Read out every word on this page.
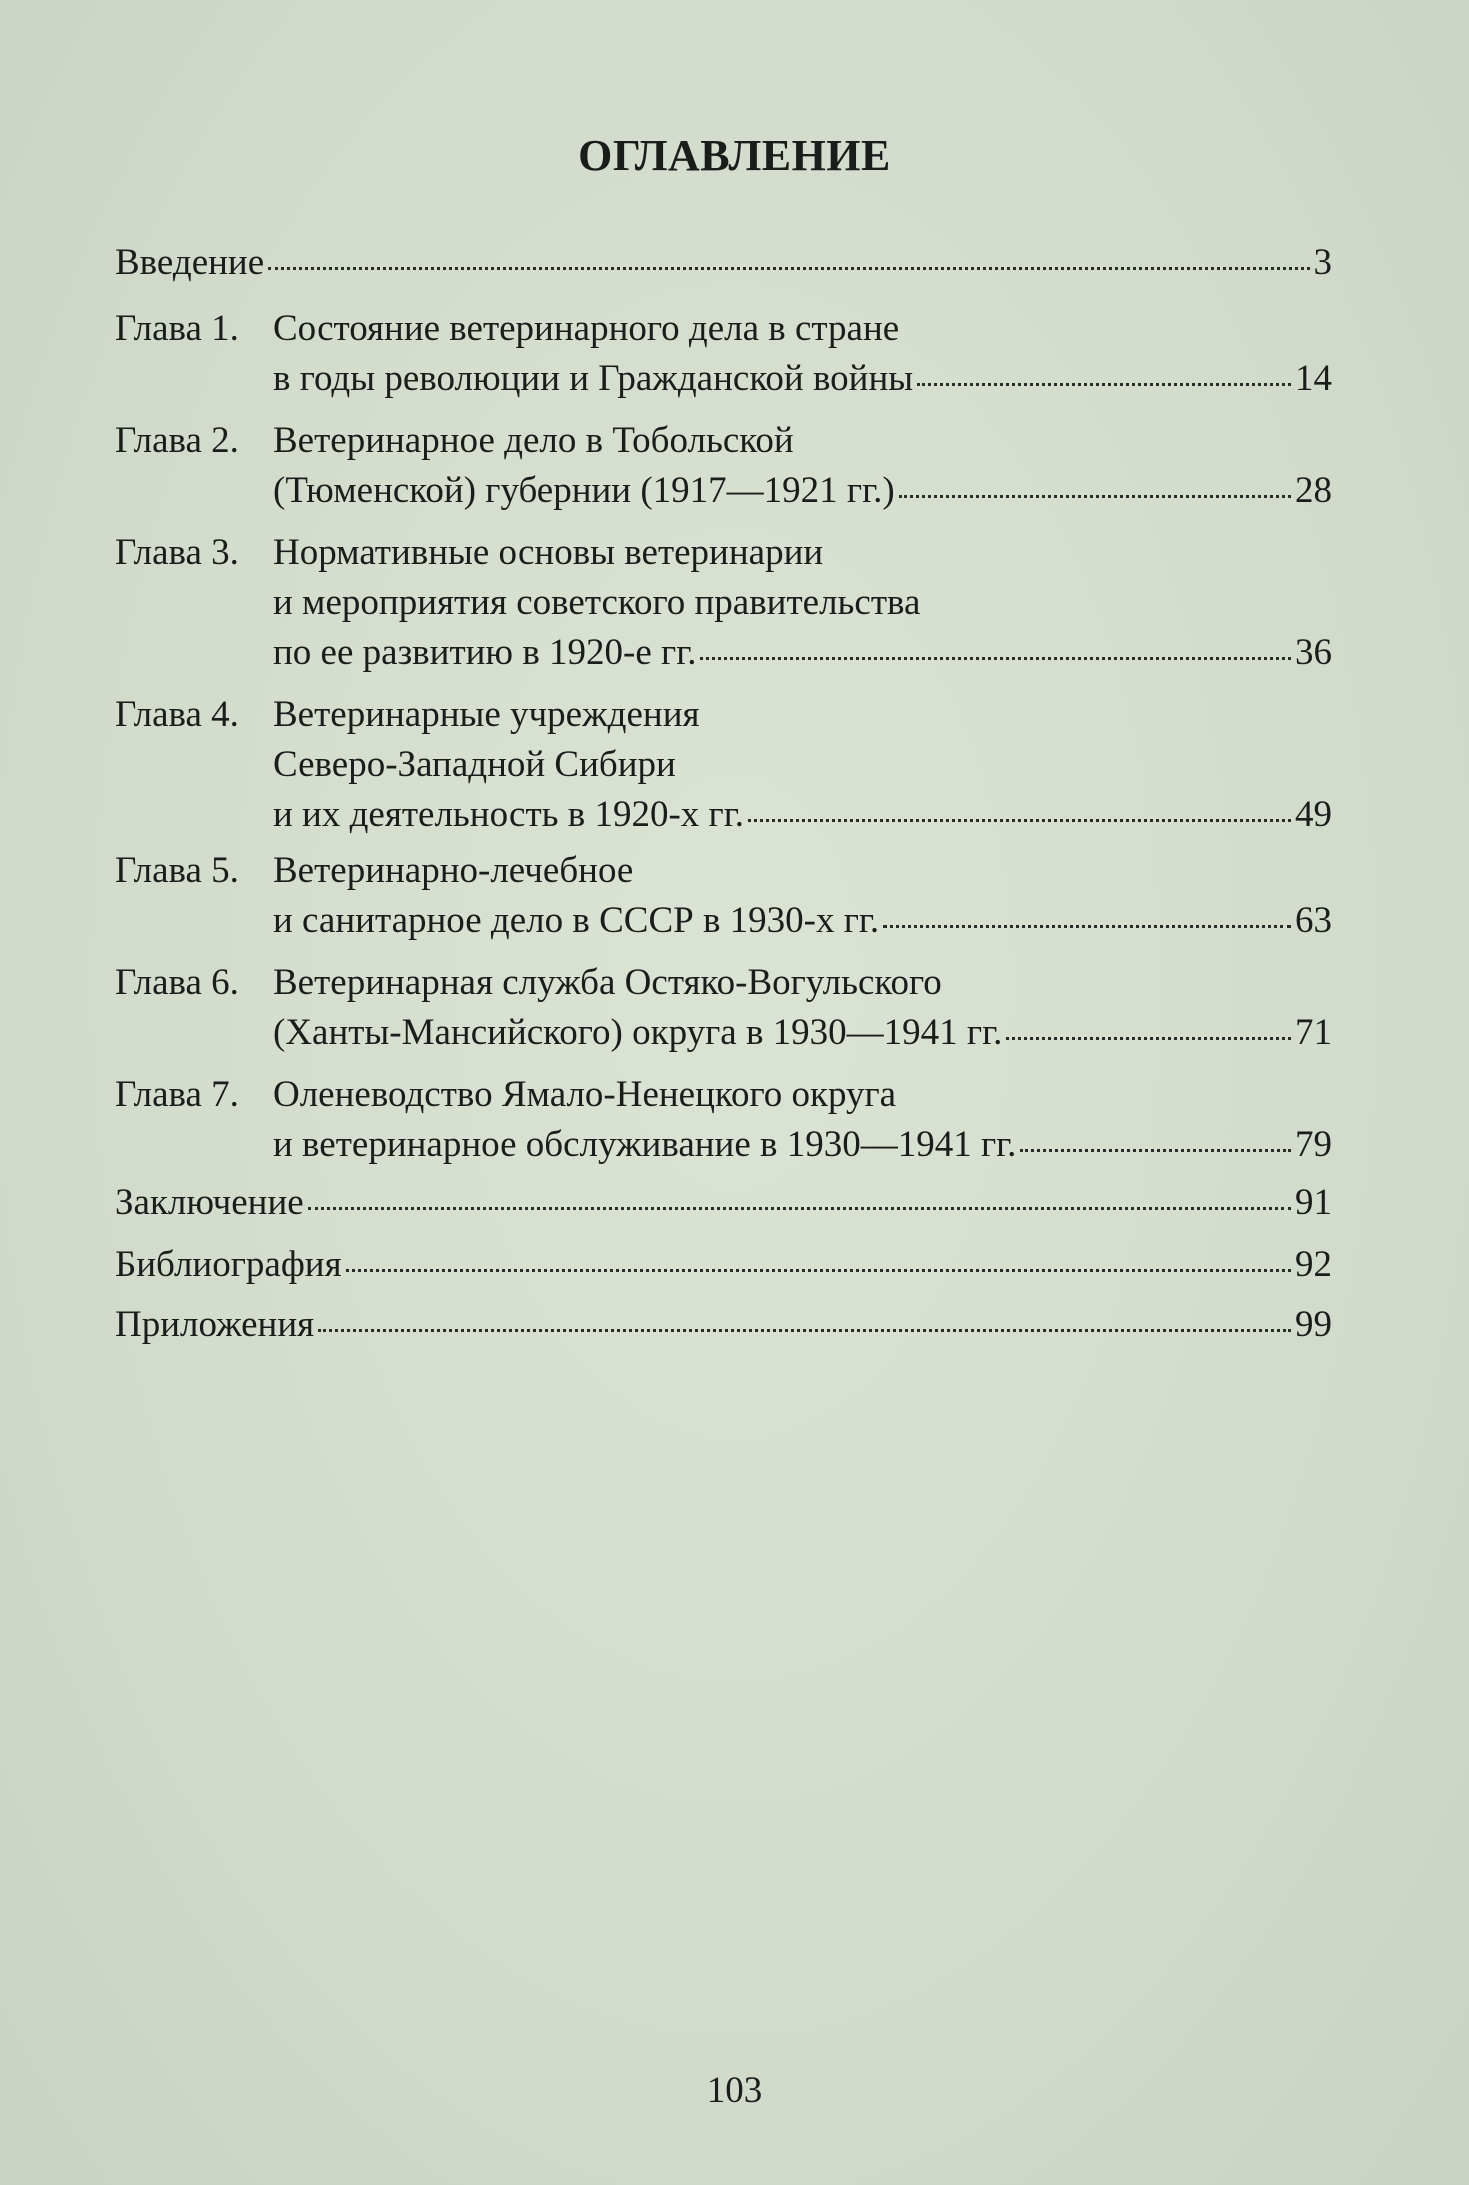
ОГЛАВЛЕНИЕ
Введение	3
Глава 1. Состояние ветеринарного дела в стране
в годы революции и Гражданской войны	14
Глава 2. Ветеринарное дело в Тобольской
(Тюменской) губернии (1917—1921 гг.)	28
Глава 3. Нормативные основы ветеринарии
и мероприятия советского правительства
по ее развитию в 1920-е гг.	36
Глава 4. Ветеринарные учреждения
Северо-Западной Сибири
и их деятельность в 1920-х гг.	49
Глава 5. Ветеринарно-лечебное
и санитарное дело в СССР в 1930-х гг.	63
Глава 6. Ветеринарная служба Остяко-Вогульского
(Ханты-Мансийского) округа в 1930—1941 гг.	71
Глава 7. Оленеводство Ямало-Ненецкого округа
и ветеринарное обслуживание в 1930—1941 гг.	79
Заключение	91
Библиография	92
Приложения	99
103
